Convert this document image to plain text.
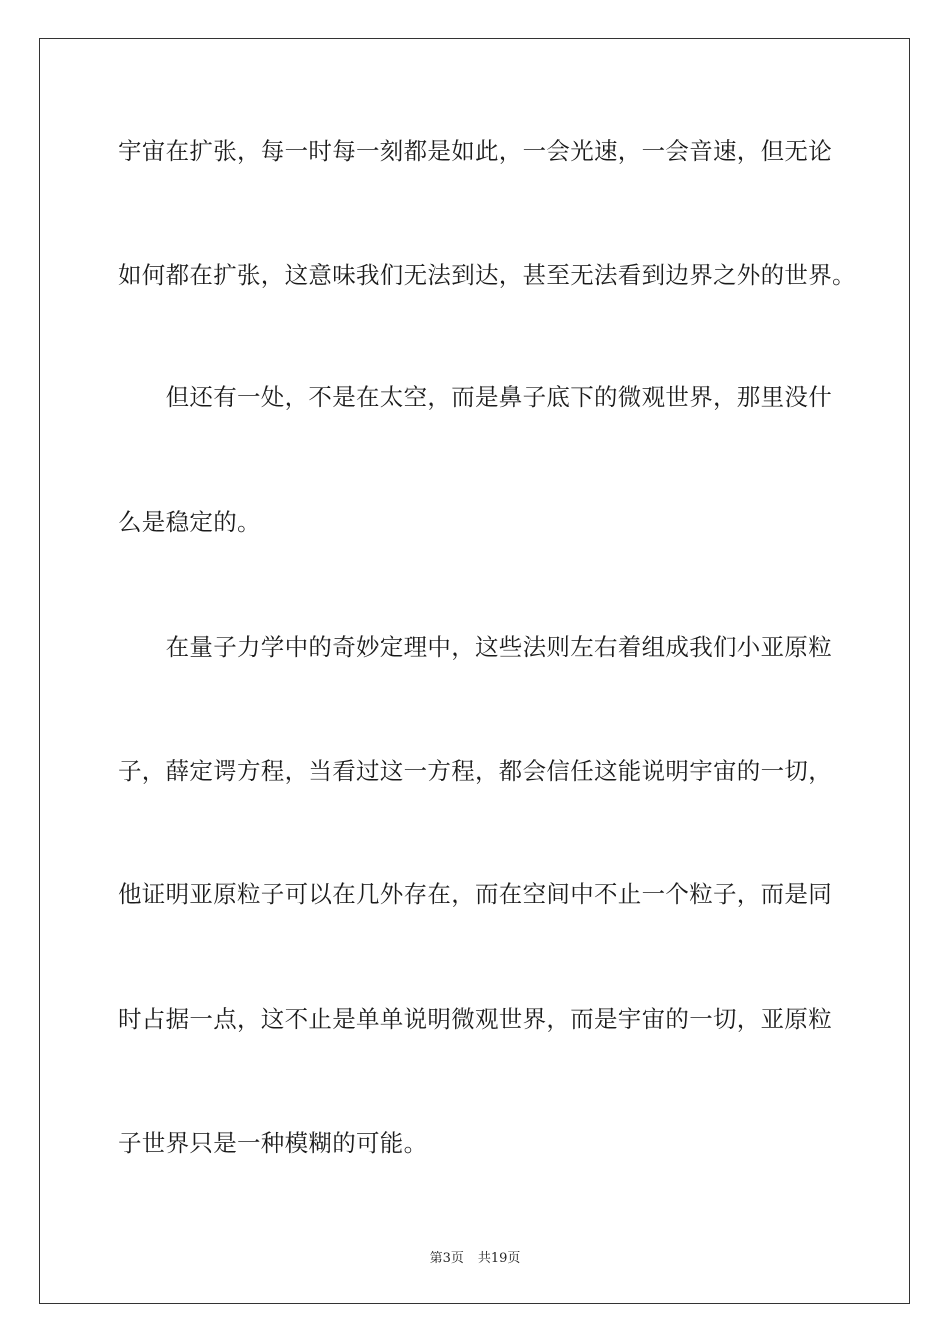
宇宙在扩张，每一时每一刻都是如此，一会光速，一会音速，但无论
如何都在扩张，这意味我们无法到达，甚至无法看到边界之外的世界。
　　但还有一处，不是在太空，而是鼻子底下的微观世界，那里没什
么是稳定的。
　　在量子力学中的奇妙定理中，这些法则左右着组成我们小亚原粒
子，薛定谔方程，当看过这一方程，都会信任这能说明宇宙的一切，
他证明亚原粒子可以在几外存在，而在空间中不止一个粒子，而是同
时占据一点，这不止是单单说明微观世界，而是宇宙的一切，亚原粒
子世界只是一种模糊的可能。
第3页 共19页
